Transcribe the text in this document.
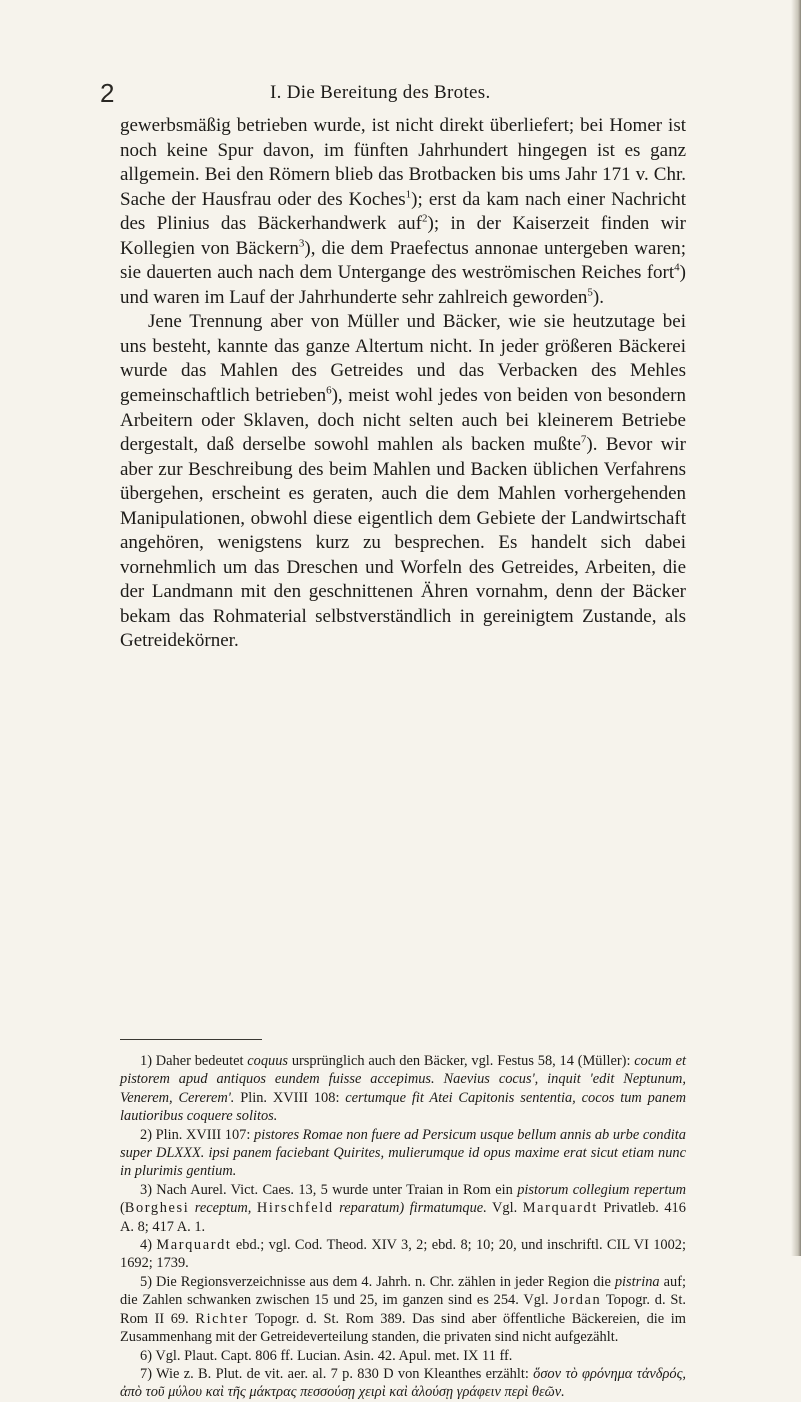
2	I. Die Bereitung des Brotes.

gewerbsmäßig betrieben wurde, ist nicht direkt überliefert; bei Homer ist noch keine Spur davon, im fünften Jahrhundert hingegen ist es ganz allgemein. Bei den Römern blieb das Brotbacken bis ums Jahr 171 v. Chr. Sache der Hausfrau oder des Koches$^1$); erst da kam nach einer Nachricht des Plinius das Bäckerhandwerk auf$^2$); in der Kaiserzeit finden wir Kollegien von Bäckern$^3$), die dem Praefectus annonae untergeben waren; sie dauerten auch nach dem Untergange des weströmischen Reiches fort$^4$) und waren im Lauf der Jahrhunderte sehr zahlreich geworden$^5$).

Jene Trennung aber von Müller und Bäcker, wie sie heutzutage bei uns besteht, kannte das ganze Altertum nicht. In jeder größeren Bäckerei wurde das Mahlen des Getreides und das Verbacken des Mehles gemeinschaftlich betrieben$^6$), meist wohl jedes von beiden von besondern Arbeitern oder Sklaven, doch nicht selten auch bei kleinerem Betriebe dergestalt, daß derselbe sowohl mahlen als backen mußte$^7$). Bevor wir aber zur Beschreibung des beim Mahlen und Backen üblichen Verfahrens übergehen, erscheint es geraten, auch die dem Mahlen vorhergehenden Manipulationen, obwohl diese eigentlich dem Gebiete der Landwirtschaft angehören, wenigstens kurz zu besprechen. Es handelt sich dabei vornehmlich um das Dreschen und Worfeln des Getreides, Arbeiten, die der Landmann mit den geschnittenen Ähren vornahm, denn der Bäcker bekam das Rohmaterial selbstverständlich in gereinigtem Zustande, als Getreidekörner.

1) Daher bedeutet coquus ursprünglich auch den Bäcker, vgl. Festus 58, 14 (Müller): cocum et pistorem apud antiquos eundem fuisse accepimus. Naevius cocus', inquit 'edit Neptunum, Venerem, Cererem'. Plin. XVIII 108: certumque fit Atei Capitonis sententia, cocos tum panem lautioribus coquere solitos.

2) Plin. XVIII 107: pistores Romae non fuere ad Persicum usque bellum annis ab urbe condita super DLXXX. ipsi panem faciebant Quirites, mulierumque id opus maxime erat sicut etiam nunc in plurimis gentium.

3) Nach Aurel. Vict. Caes. 13, 5 wurde unter Traian in Rom ein pistorum collegium repertum (Borghesi receptum, Hirschfeld reparatum) firmatumque. Vgl. Marquardt Privatleb. 416 A. 8; 417 A. 1.

4) Marquardt ebd.; vgl. Cod. Theod. XIV 3, 2; ebd. 8; 10; 20, und inschriftl. CIL VI 1002; 1692; 1739.

5) Die Regionsverzeichnisse aus dem 4. Jahrh. n. Chr. zählen in jeder Region die pistrina auf; die Zahlen schwanken zwischen 15 und 25, im ganzen sind es 254. Vgl. Jordan Topogr. d. St. Rom II 69. Richter Topogr. d. St. Rom 389. Das sind aber öffentliche Bäckereien, die im Zusammenhang mit der Getreideverteilung standen, die privaten sind nicht aufgezählt.

6) Vgl. Plaut. Capt. 806 ff. Lucian. Asin. 42. Apul. met. IX 11 ff.

7) Wie z. B. Plut. de vit. aer. al. 7 p. 830 D von Kleanthes erzählt: ὅσον τὸ φρόνημα τἀνδρός, ἀπὸ τοῦ μύλου καὶ τῆς μάκτρας πεσσούσῃ χειρὶ καὶ ἀλούσῃ γράφειν περὶ θεῶν.
